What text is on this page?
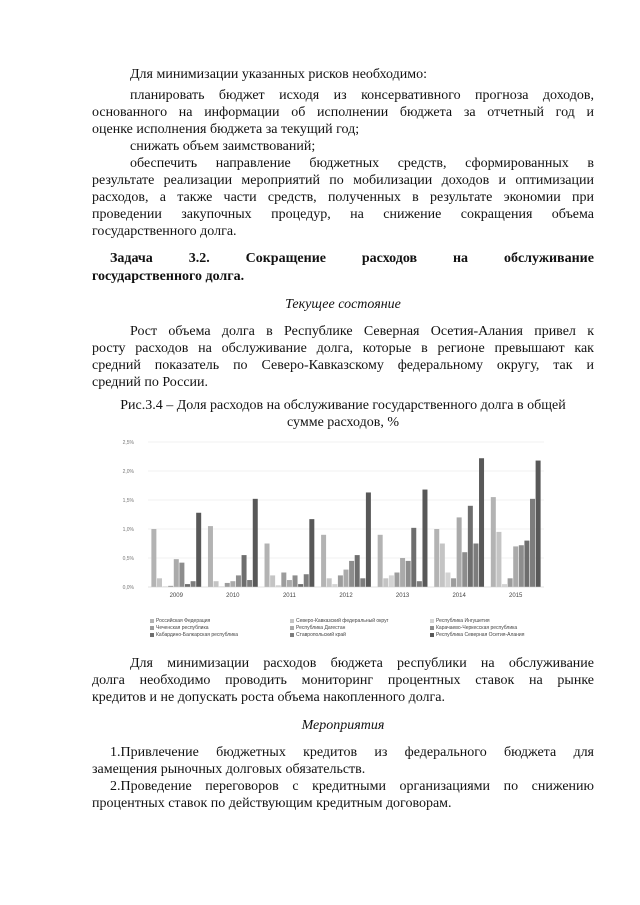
Для минимизации указанных рисков необходимо:
планировать бюджет исходя из консервативного прогноза доходов,
основанного на информации об исполнении бюджета за отчетный год и
оценке исполнения бюджета за текущий год;
снижать объем заимствований;
обеспечить направление бюджетных средств, сформированных в
результате реализации мероприятий по мобилизации доходов и оптимизации
расходов, а также части средств, полученных в результате экономии при
проведении закупочных процедур, на снижение сокращения объема
государственного долга.
Задача	3.2.	Сокращение	расходов	на	обслуживание
государственного долга.
Текущее состояние
Рост объема долга в Республике Северная Осетия-Алания привел к
росту расходов на обслуживание долга, которые в регионе превышают как
средний показатель по Северо-Кавказскому федеральному округу, так и
средний по России.
Рис.3.4 – Доля расходов на обслуживание государственного долга в общей
сумме расходов, %
0,0%
0,5%
1,0%
1,5%
2,0%
2,5%
2009	2010	2011	2012	2013	2014	2015
Российская Федерация	Северо-Кавказский федеральный округ	Республика Ингушетия
Чеченская республика	Республика Дагестан	Карачаево-Черкесская республика
Кабардино-Балкарская республика	Ставропольский край	Республика Северная Осетия-Алания
Для минимизации расходов бюджета республики на обслуживание
долга необходимо проводить мониторинг процентных ставок на рынке
кредитов и не допускать роста объема накопленного долга.
Мероприятия
1.Привлечение бюджетных кредитов из федерального бюджета для
замещения рыночных долговых обязательств.
2.Проведение переговоров с кредитными организациями по снижению
процентных ставок по действующим кредитным договорам.
